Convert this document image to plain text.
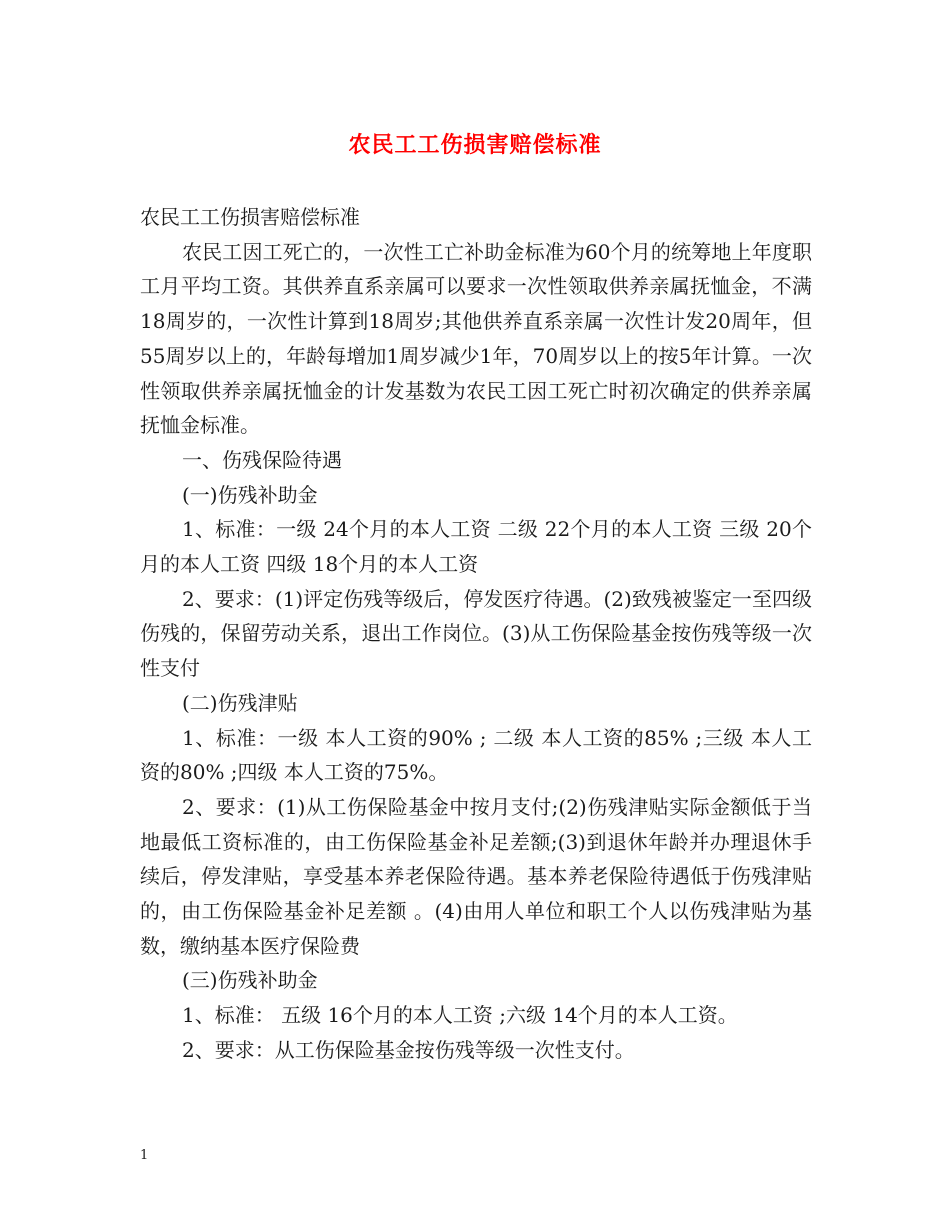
农民工工伤损害赔偿标准

农民工工伤损害赔偿标准

农民工因工死亡的，一次性工亡补助金标准为60个月的统筹地上年度职工月平均工资。其供养直系亲属可以要求一次性领取供养亲属抚恤金，不满18周岁的，一次性计算到18周岁;其他供养直系亲属一次性计发20周年，但55周岁以上的，年龄每增加1周岁减少1年，70周岁以上的按5年计算。一次性领取供养亲属抚恤金的计发基数为农民工因工死亡时初次确定的供养亲属抚恤金标准。

一、伤残保险待遇

(一)伤残补助金

1、标准：一级 24个月的本人工资 二级 22个月的本人工资 三级 20个月的本人工资 四级 18个月的本人工资

2、要求：(1)评定伤残等级后，停发医疗待遇。(2)致残被鉴定一至四级伤残的，保留劳动关系，退出工作岗位。(3)从工伤保险基金按伤残等级一次性支付

(二)伤残津贴

1、标准：一级 本人工资的90% ; 二级 本人工资的85% ;三级 本人工资的80% ;四级 本人工资的75%。

2、要求：(1)从工伤保险基金中按月支付;(2)伤残津贴实际金额低于当地最低工资标准的，由工伤保险基金补足差额;(3)到退休年龄并办理退休手续后，停发津贴，享受基本养老保险待遇。基本养老保险待遇低于伤残津贴的，由工伤保险基金补足差额 。(4)由用人单位和职工个人以伤残津贴为基数，缴纳基本医疗保险费

(三)伤残补助金

1、标准： 五级 16个月的本人工资 ;六级 14个月的本人工资。

2、要求：从工伤保险基金按伤残等级一次性支付。

1
